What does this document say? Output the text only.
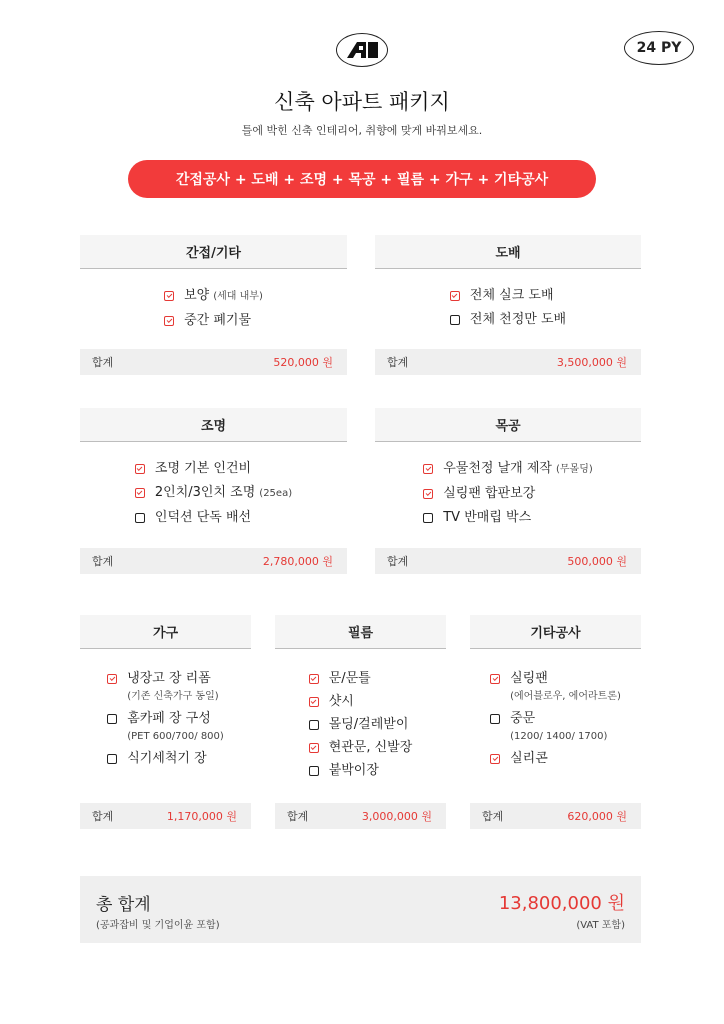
24 PY
신축 아파트 패키지
틀에 박힌 신축 인테리어, 취향에 맞게 바꿔보세요.
간접공사 + 도배 + 조명 + 목공 + 필름 + 가구 + 기타공사
간접/기타
보양 (세대 내부)
중간 폐기물
합계	520,000 원
도배
전체 실크 도배
전체 천정만 도배
합계	3,500,000 원
조명
조명 기본 인건비
2인치/3인치 조명 (25ea)
인덕션 단독 배선
합계	2,780,000 원
목공
우물천정 날개 제작 (무몰딩)
실링팬 합판보강
TV 반매립 박스
합계	500,000 원
가구
냉장고 장 리폼
(기존 신축가구 동일)
홈카페 장 구성
(PET 600/700/ 800)
식기세척기 장
합계	1,170,000 원
필름
문/문틀
샷시
몰딩/걸레받이
현관문, 신발장
붙박이장
합계	3,000,000 원
기타공사
실링팬
(에어블로우, 에어라트론)
중문
(1200/ 1400/ 1700)
실리콘
합계	620,000 원
총 합계
(공과잡비 및 기업이윤 포함)
13,800,000 원
(VAT 포함)
